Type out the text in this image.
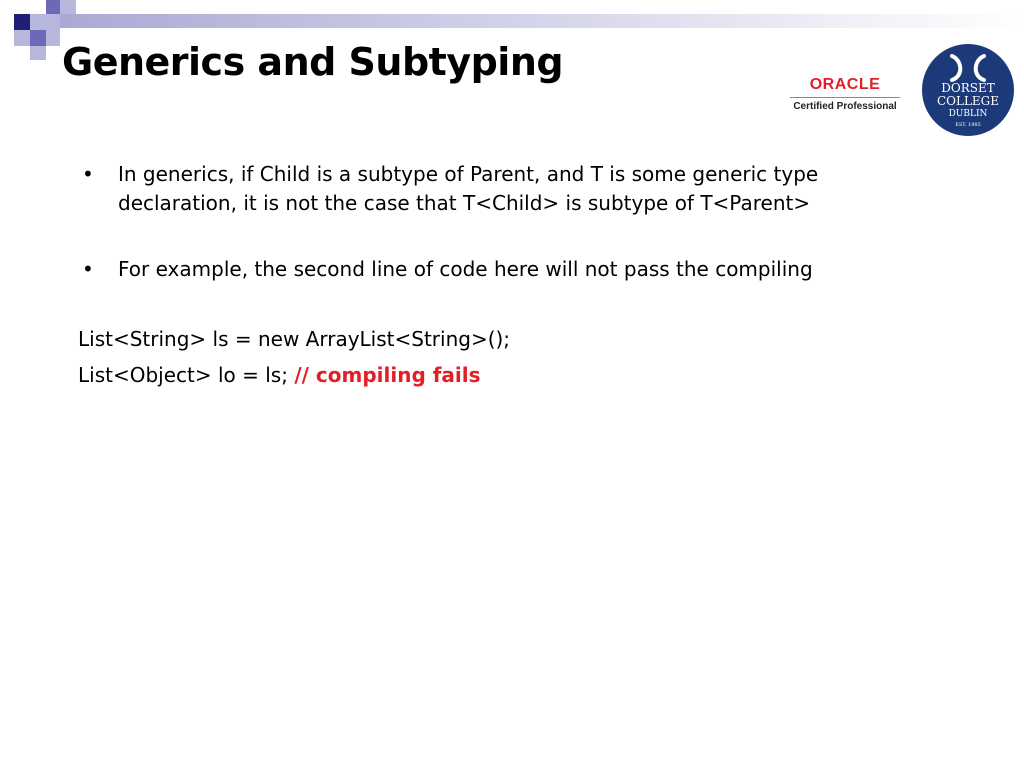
Generics and Subtyping
ORACLE
Certified Professional
DORSET
COLLEGE
DUBLIN
EST. 1985
• In generics, if Child is a subtype of Parent, and T is some generic type declaration, it is not the case that T<Child> is subtype of T<Parent>
• For example, the second line of code here will not pass the compiling

List<String> ls = new ArrayList<String>();

List<Object> lo = ls; // compiling fails
